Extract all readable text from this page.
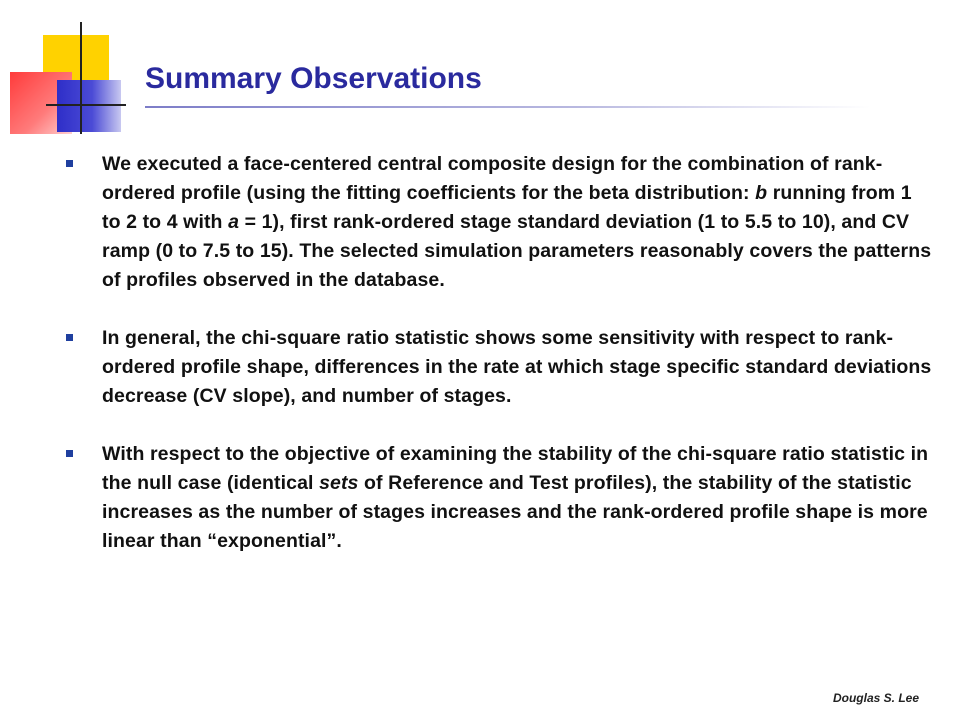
Summary Observations
We executed a face-centered central composite design for the combination of rank-ordered profile (using the fitting coefficients for the beta distribution: b running from 1 to 2 to 4 with a = 1), first rank-ordered stage standard deviation (1 to 5.5 to 10), and CV ramp (0 to 7.5 to 15). The selected simulation parameters reasonably covers the patterns of profiles observed in the database.
In general, the chi-square ratio statistic shows some sensitivity with respect to rank-ordered profile shape, differences in the rate at which stage specific standard deviations decrease (CV slope), and number of stages.
With respect to the objective of examining the stability of the chi-square ratio statistic in the null case (identical sets of Reference and Test profiles), the stability of the statistic increases as the number of stages increases and the rank-ordered profile shape is more linear than “exponential”.
Douglas S. Lee
